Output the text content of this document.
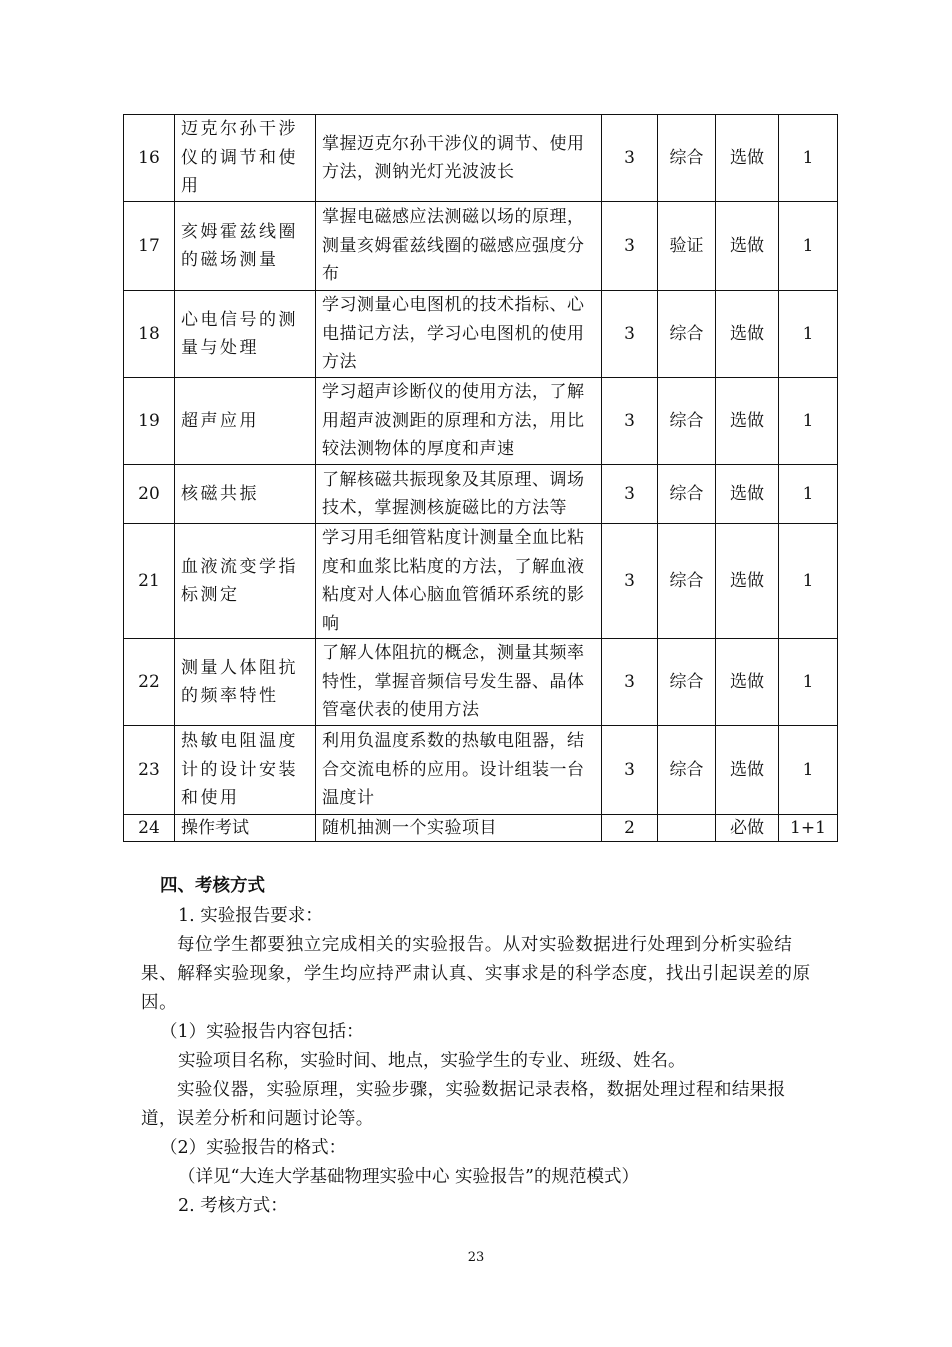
16	迈克尔孙干涉仪的调节和使用	掌握迈克尔孙干涉仪的调节、使用方法，测钠光灯光波波长	3	综合	选做	1
17	亥姆霍兹线圈的磁场测量	掌握电磁感应法测磁以场的原理，测量亥姆霍兹线圈的磁感应强度分布	3	验证	选做	1
18	心电信号的测量与处理	学习测量心电图机的技术指标、心电描记方法，学习心电图机的使用方法	3	综合	选做	1
19	超声应用	学习超声诊断仪的使用方法，了解用超声波测距的原理和方法，用比较法测物体的厚度和声速	3	综合	选做	1
20	核磁共振	了解核磁共振现象及其原理、调场技术，掌握测核旋磁比的方法等	3	综合	选做	1
21	血液流变学指标测定	学习用毛细管粘度计测量全血比粘度和血浆比粘度的方法，了解血液粘度对人体心脑血管循环系统的影响	3	综合	选做	1
22	测量人体阻抗的频率特性	了解人体阻抗的概念，测量其频率特性，掌握音频信号发生器、晶体管毫伏表的使用方法	3	综合	选做	1
23	热敏电阻温度计的设计安装和使用	利用负温度系数的热敏电阻器，结合交流电桥的应用。设计组装一台温度计	3	综合	选做	1
24	操作考试	随机抽测一个实验项目	2		必做	1+1
四、考核方式
1. 实验报告要求：
每位学生都要独立完成相关的实验报告。从对实验数据进行处理到分析实验结果、解释实验现象，学生均应持严肃认真、实事求是的科学态度，找出引起误差的原因。
（1）实验报告内容包括：
实验项目名称，实验时间、地点，实验学生的专业、班级、姓名。
实验仪器，实验原理，实验步骤，实验数据记录表格，数据处理过程和结果报道，误差分析和问题讨论等。
（2）实验报告的格式：
（详见“大连大学基础物理实验中心 实验报告”的规范模式）
2. 考核方式：
23
